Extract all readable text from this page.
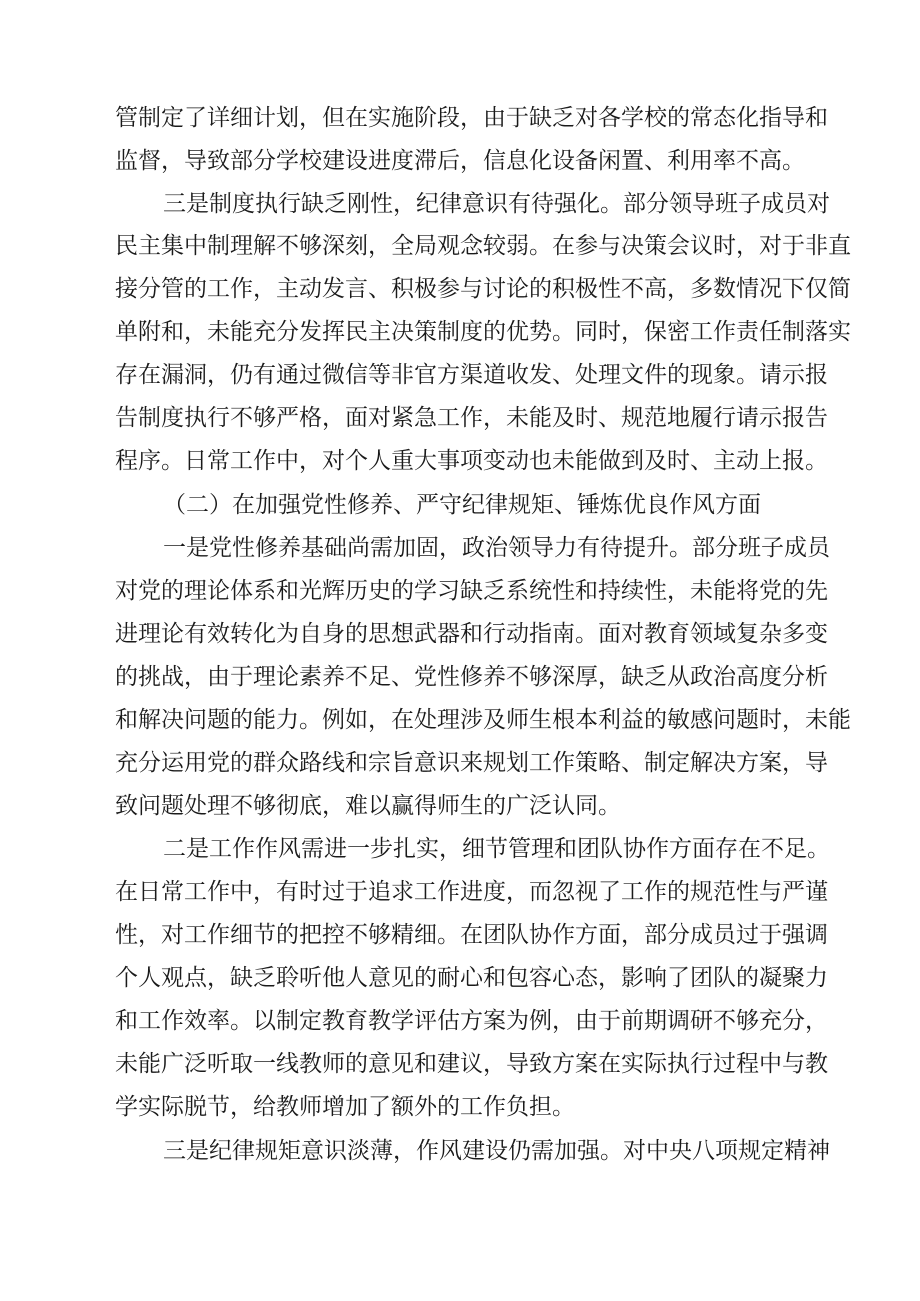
管制定了详细计划，但在实施阶段，由于缺乏对各学校的常态化指导和
监督，导致部分学校建设进度滞后，信息化设备闲置、利用率不高。
三是制度执行缺乏刚性，纪律意识有待强化。部分领导班子成员对
民主集中制理解不够深刻，全局观念较弱。在参与决策会议时，对于非直
接分管的工作，主动发言、积极参与讨论的积极性不高，多数情况下仅简
单附和，未能充分发挥民主决策制度的优势。同时，保密工作责任制落实
存在漏洞，仍有通过微信等非官方渠道收发、处理文件的现象。请示报
告制度执行不够严格，面对紧急工作，未能及时、规范地履行请示报告
程序。日常工作中，对个人重大事项变动也未能做到及时、主动上报。
（二）在加强党性修养、严守纪律规矩、锤炼优良作风方面
一是党性修养基础尚需加固，政治领导力有待提升。部分班子成员
对党的理论体系和光辉历史的学习缺乏系统性和持续性，未能将党的先
进理论有效转化为自身的思想武器和行动指南。面对教育领域复杂多变
的挑战，由于理论素养不足、党性修养不够深厚，缺乏从政治高度分析
和解决问题的能力。例如，在处理涉及师生根本利益的敏感问题时，未能
充分运用党的群众路线和宗旨意识来规划工作策略、制定解决方案，导
致问题处理不够彻底，难以赢得师生的广泛认同。
二是工作作风需进一步扎实，细节管理和团队协作方面存在不足。
在日常工作中，有时过于追求工作进度，而忽视了工作的规范性与严谨
性，对工作细节的把控不够精细。在团队协作方面，部分成员过于强调
个人观点，缺乏聆听他人意见的耐心和包容心态，影响了团队的凝聚力
和工作效率。以制定教育教学评估方案为例，由于前期调研不够充分，
未能广泛听取一线教师的意见和建议，导致方案在实际执行过程中与教
学实际脱节，给教师增加了额外的工作负担。
三是纪律规矩意识淡薄，作风建设仍需加强。对中央八项规定精神
